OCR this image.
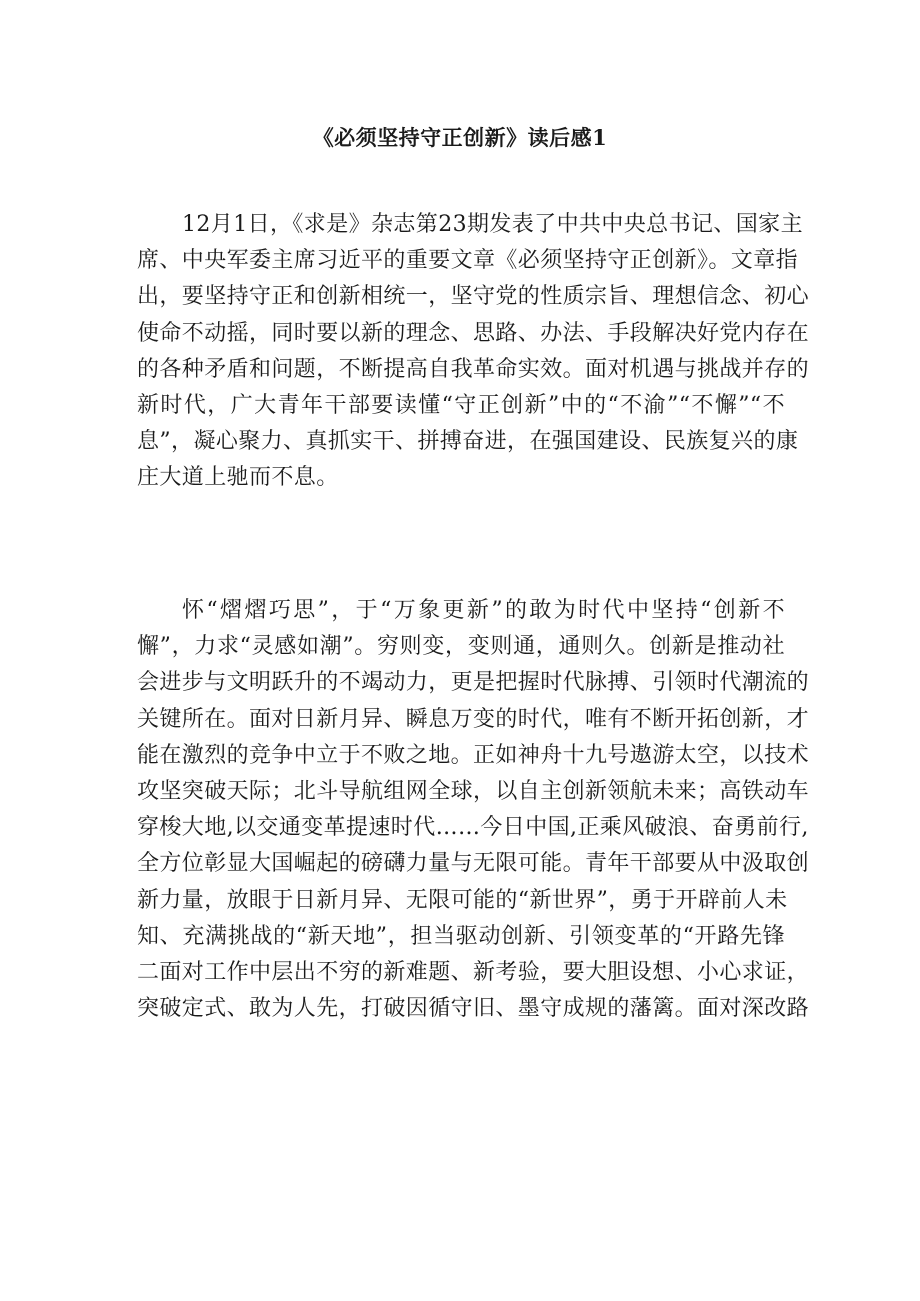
《必须坚持守正创新》读后感1
12月1日，《求是》杂志第23期发表了中共中央总书记、国家主
席、中央军委主席习近平的重要文章《必须坚持守正创新》。文章指
出，要坚持守正和创新相统一，坚守党的性质宗旨、理想信念、初心
使命不动摇，同时要以新的理念、思路、办法、手段解决好党内存在
的各种矛盾和问题，不断提高自我革命实效。面对机遇与挑战并存的
新时代，广大青年干部要读懂“守正创新”中的“不渝”“不懈”“不
息”，凝心聚力、真抓实干、拼搏奋进，在强国建设、民族复兴的康
庄大道上驰而不息。
怀“熠熠巧思”，于“万象更新”的敢为时代中坚持“创新不
懈”，力求“灵感如潮”。穷则变，变则通，通则久。创新是推动社
会进步与文明跃升的不竭动力，更是把握时代脉搏、引领时代潮流的
关键所在。面对日新月异、瞬息万变的时代，唯有不断开拓创新，才
能在激烈的竞争中立于不败之地。正如神舟十九号遨游太空，以技术
攻坚突破天际；北斗导航组网全球，以自主创新领航未来；高铁动车
穿梭大地,以交通变革提速时代……今日中国,正乘风破浪、奋勇前行,
全方位彰显大国崛起的磅礴力量与无限可能。青年干部要从中汲取创
新力量，放眼于日新月异、无限可能的“新世界”，勇于开辟前人未
知、充满挑战的“新天地”，担当驱动创新、引领变革的“开路先锋
二面对工作中层出不穷的新难题、新考验，要大胆设想、小心求证，
突破定式、敢为人先，打破因循守旧、墨守成规的藩篱。面对深改路
